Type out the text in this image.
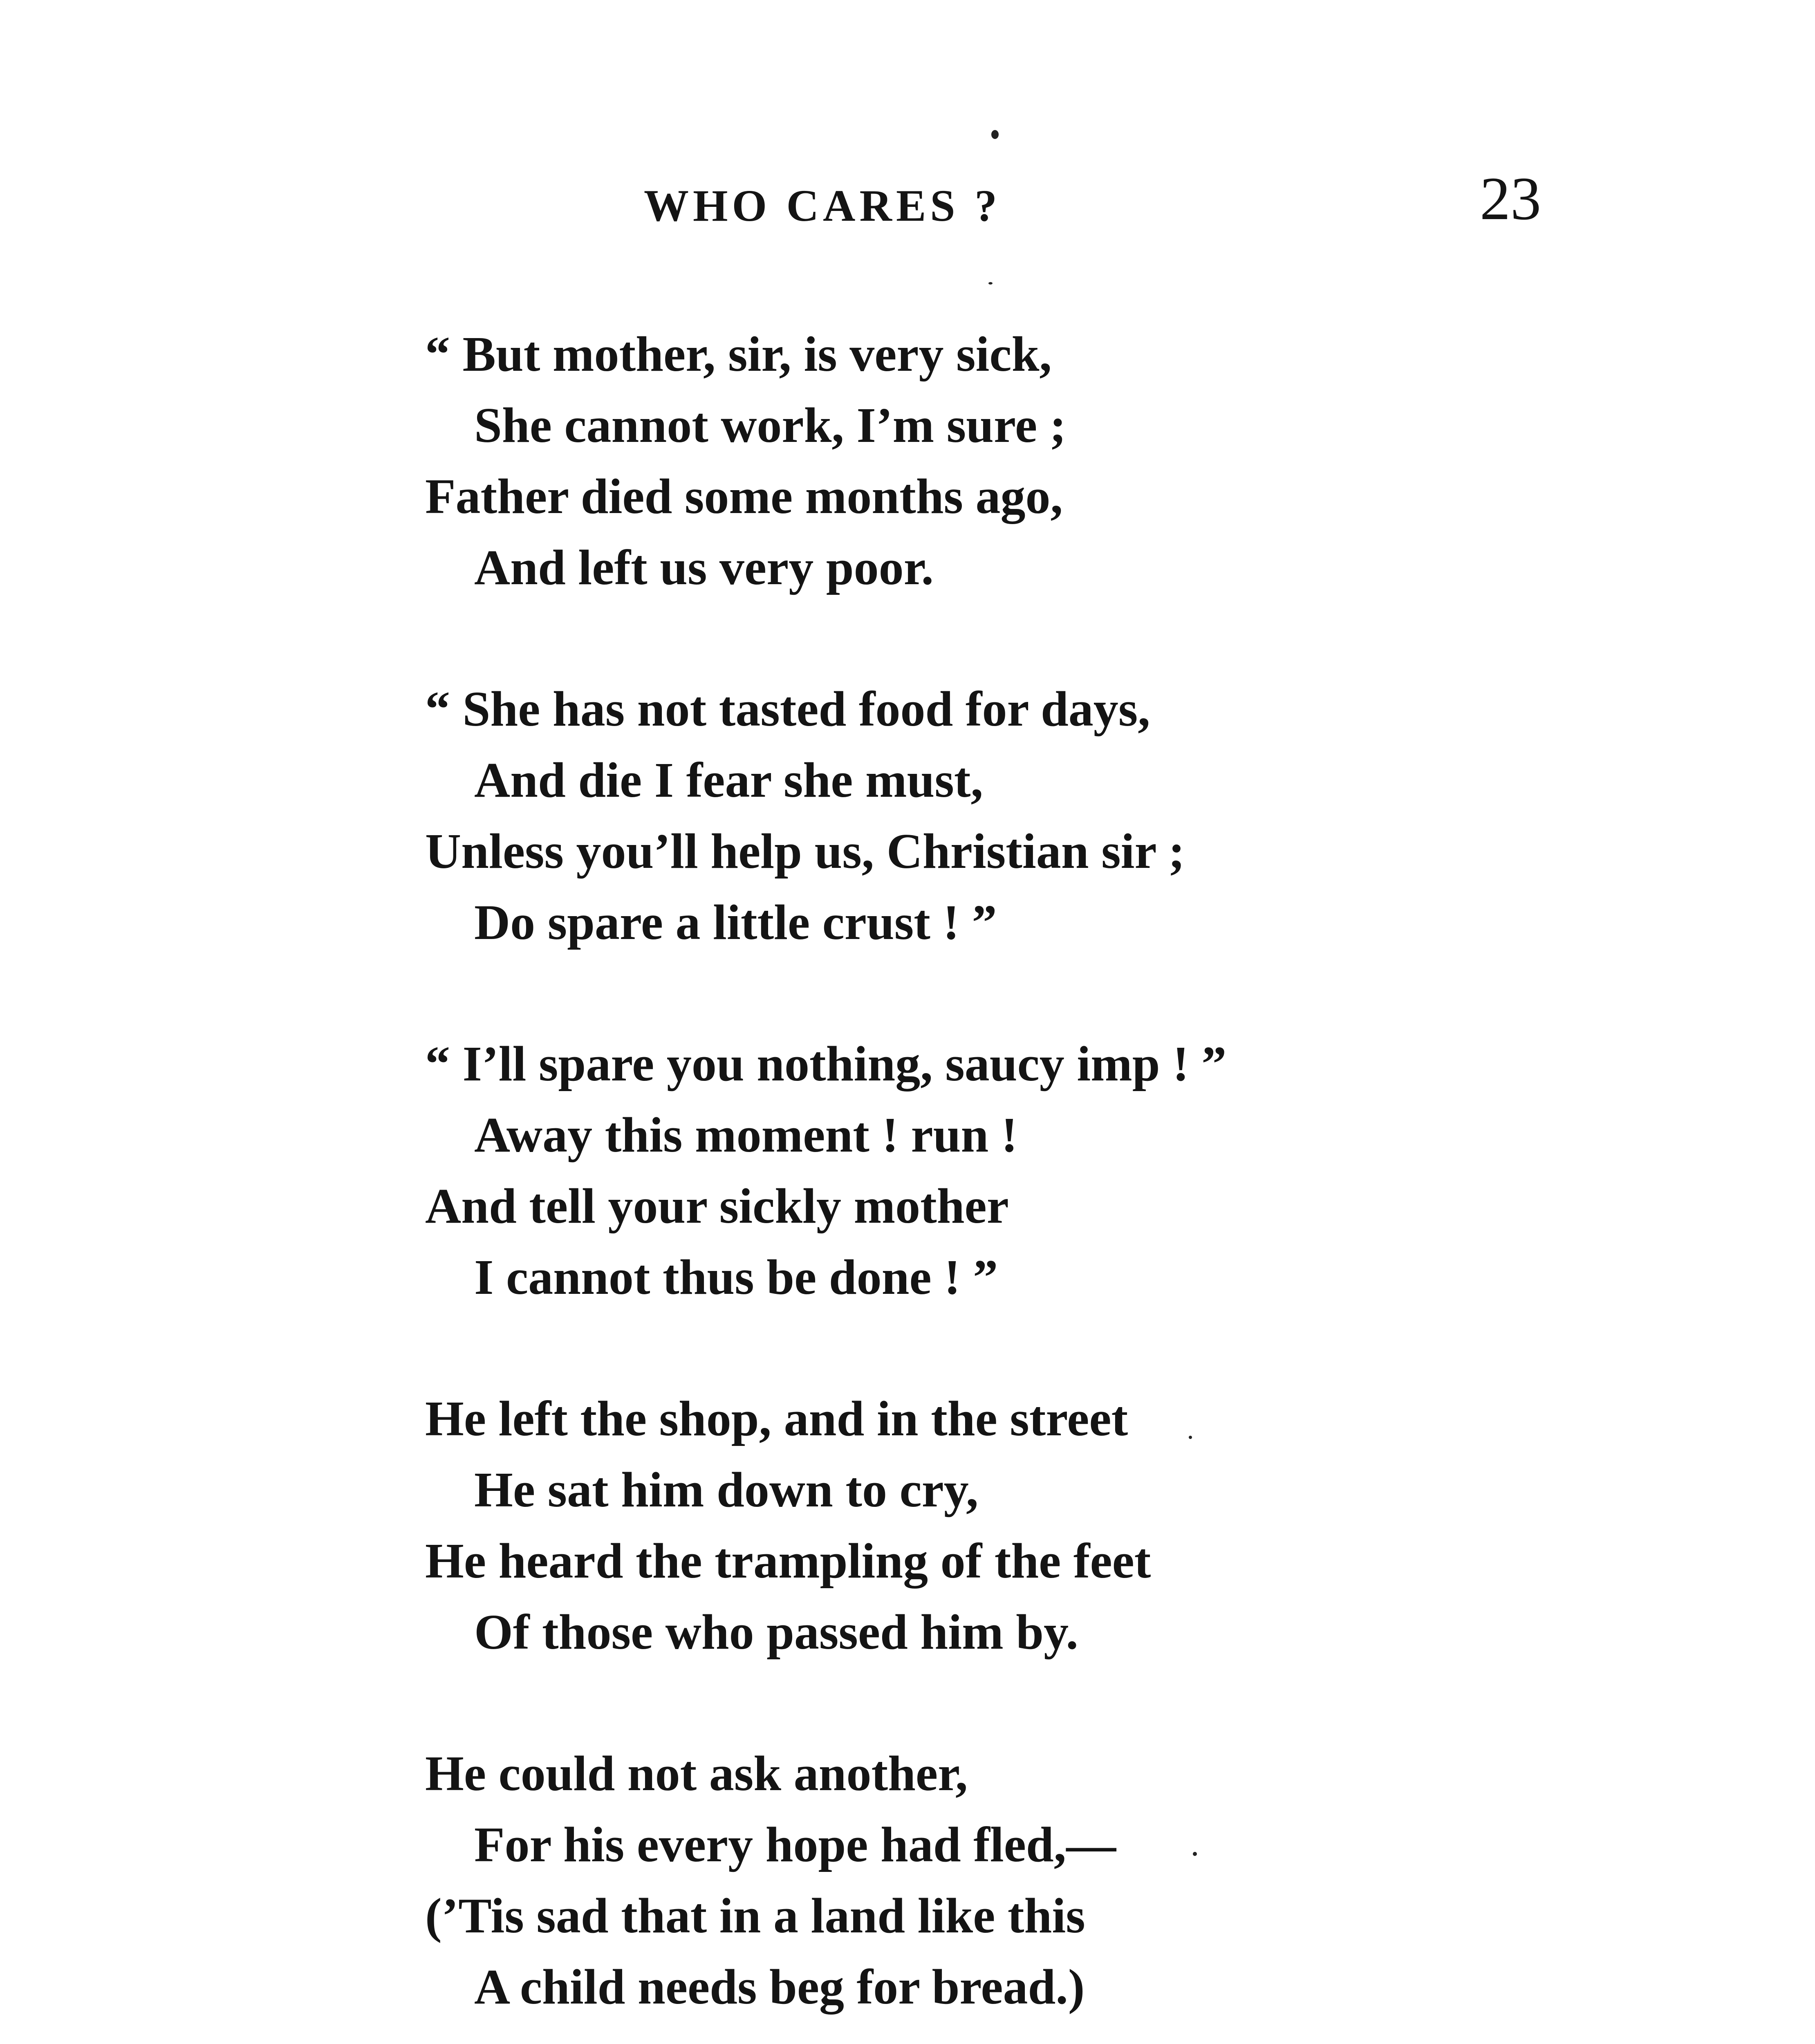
WHO CARES ?	23
“ But mother, sir, is very sick,
She cannot work, I’m sure ;
Father died some months ago,
And left us very poor.
“ She has not tasted food for days,
And die I fear she must,
Unless you’ll help us, Christian sir ;
Do spare a little crust ! ”
“ I’ll spare you nothing, saucy imp ! ”
Away this moment ! run !
And tell your sickly mother
I cannot thus be done ! ”
He left the shop, and in the street
He sat him down to cry,
He heard the trampling of the feet
Of those who passed him by.
He could not ask another,
For his every hope had fled,—
(’Tis sad that in a land like this
A child needs beg for bread.)
